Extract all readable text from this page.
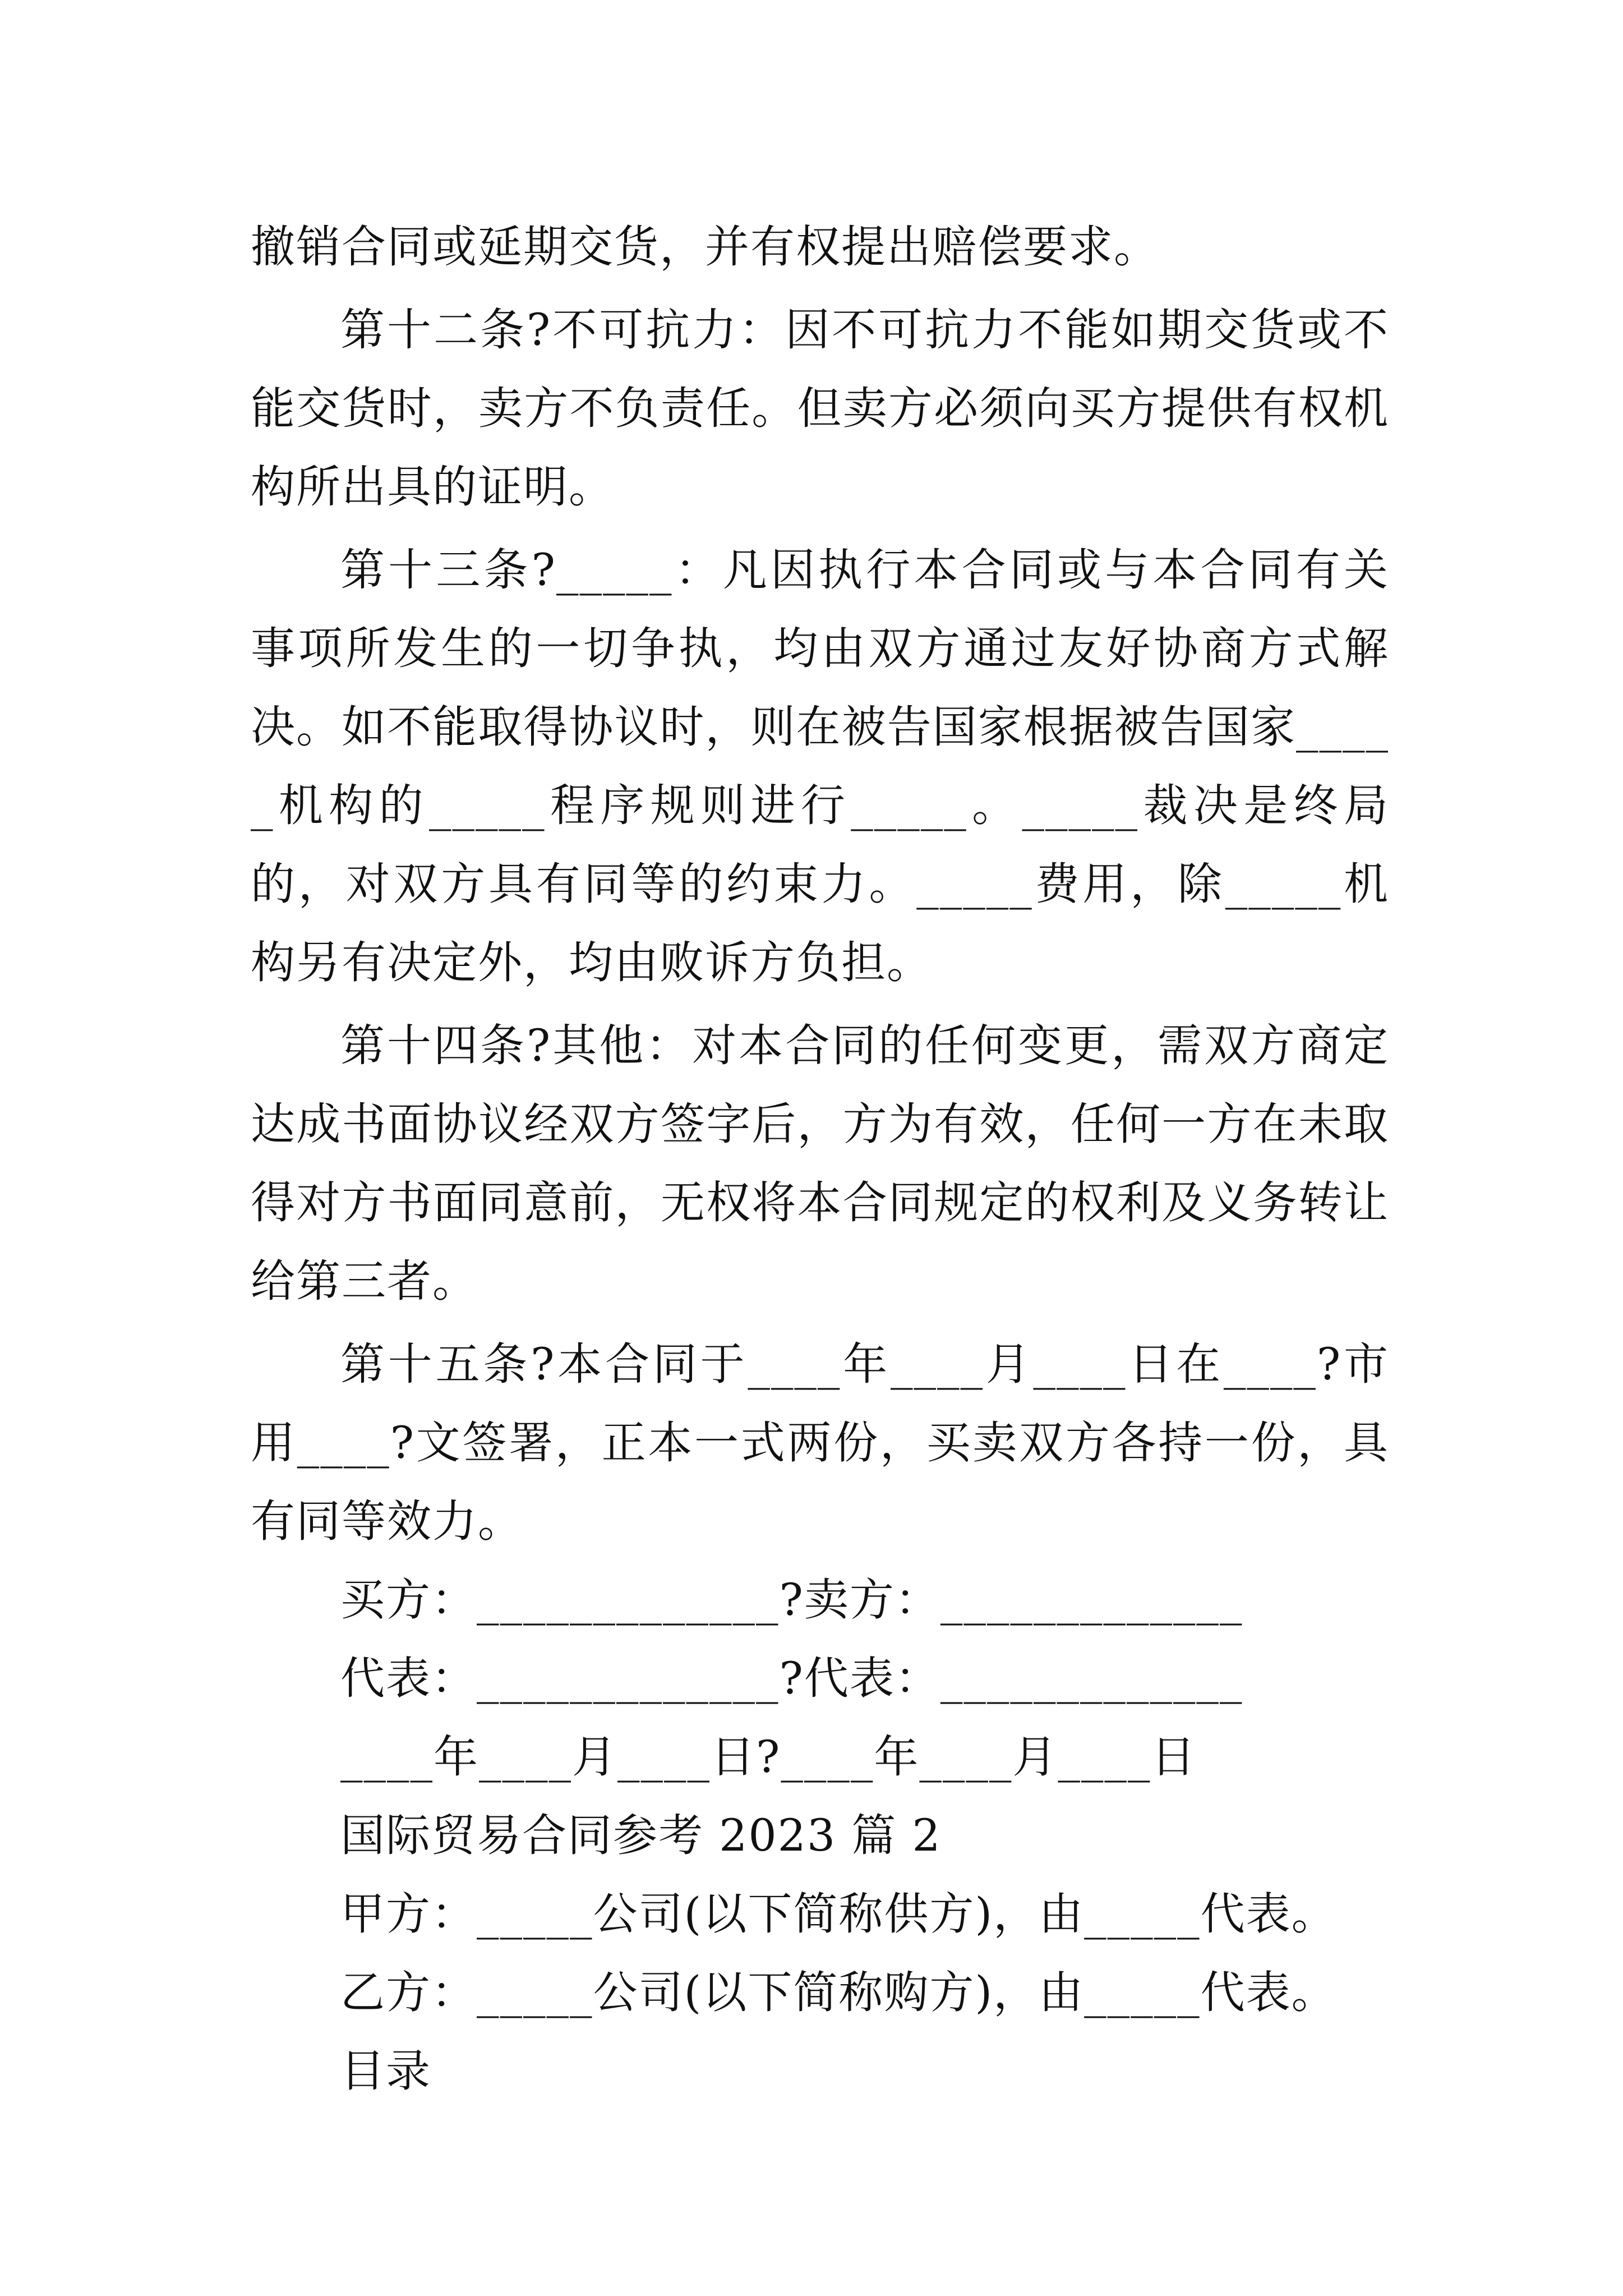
撤销合同或延期交货，并有权提出赔偿要求。

第十二条?不可抗力：因不可抗力不能如期交货或不能交货时，卖方不负责任。但卖方必须向买方提供有权机构所出具的证明。

第十三条?_____：凡因执行本合同或与本合同有关事项所发生的一切争执，均由双方通过友好协商方式解决。如不能取得协议时，则在被告国家根据被告国家_____机构的_____程序规则进行_____。_____裁决是终局的，对双方具有同等的约束力。_____费用，除_____机构另有决定外，均由败诉方负担。

第十四条?其他：对本合同的任何变更，需双方商定达成书面协议经双方签字后，方为有效，任何一方在未取得对方书面同意前，无权将本合同规定的权利及义务转让给第三者。

第十五条?本合同于____年____月____日在____?市用____?文签署，正本一式两份，买卖双方各持一份，具有同等效力。

买方：_____________?卖方：_____________

代表：_____________?代表：_____________

____年____月____日?____年____月____日

国际贸易合同参考 2023 篇 2

甲方：_____公司(以下简称供方)，由_____代表。

乙方：_____公司(以下简称购方)，由_____代表。

目录
